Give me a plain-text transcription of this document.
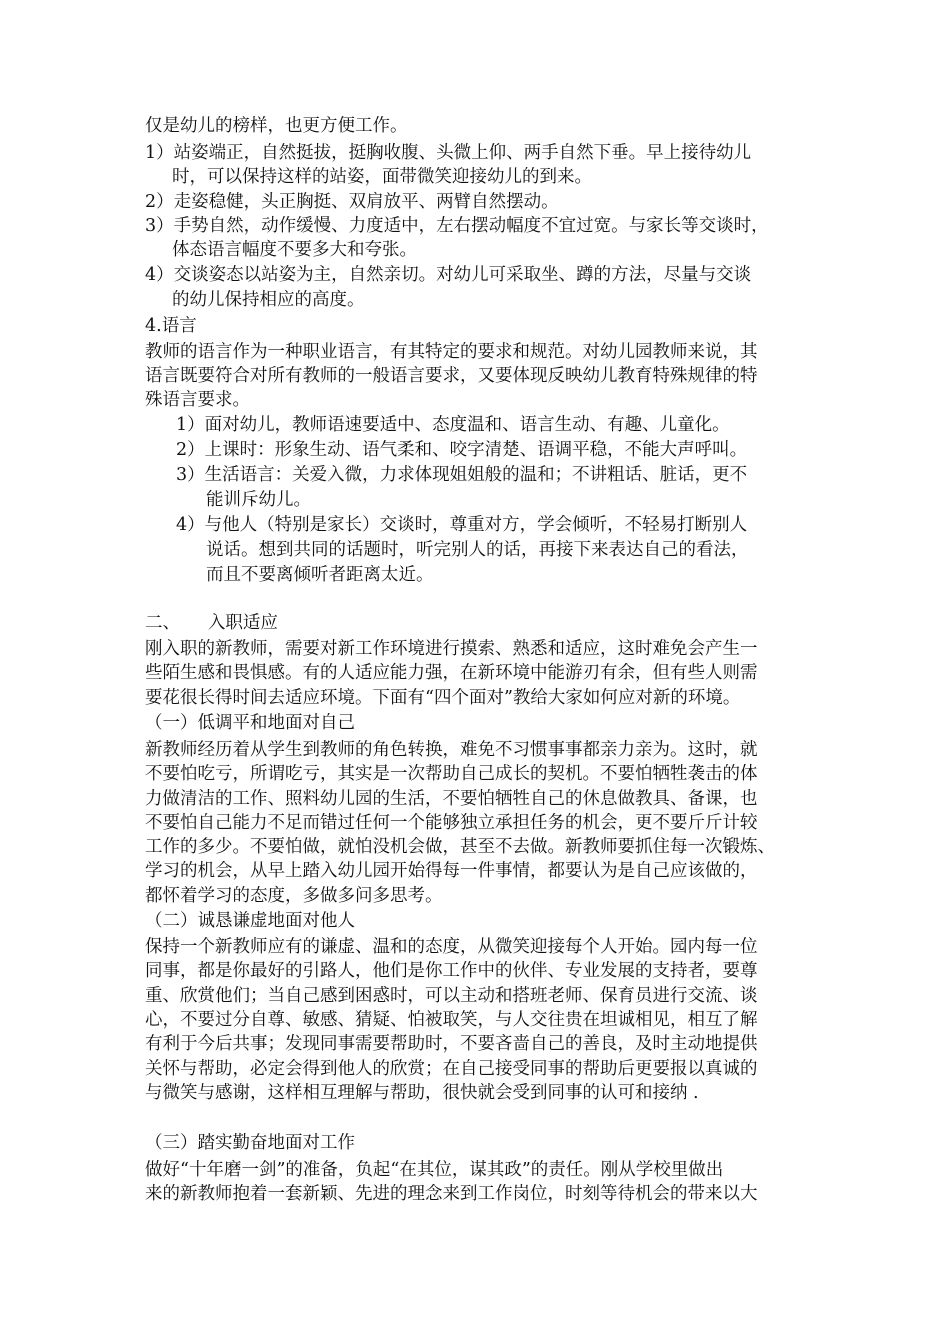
仅是幼儿的榜样，也更方便工作。
1）站姿端正，自然挺拔，挺胸收腹、头微上仰、两手自然下垂。早上接待幼儿
时，可以保持这样的站姿，面带微笑迎接幼儿的到来。
2）走姿稳健，头正胸挺、双肩放平、两臂自然摆动。
3）手势自然，动作缓慢、力度适中，左右摆动幅度不宜过宽。与家长等交谈时，
体态语言幅度不要多大和夸张。
4）交谈姿态以站姿为主，自然亲切。对幼儿可采取坐、蹲的方法，尽量与交谈
的幼儿保持相应的高度。
4.语言
教师的语言作为一种职业语言，有其特定的要求和规范。对幼儿园教师来说，其
语言既要符合对所有教师的一般语言要求，又要体现反映幼儿教育特殊规律的特
殊语言要求。
1）面对幼儿，教师语速要适中、态度温和、语言生动、有趣、儿童化。
2）上课时：形象生动、语气柔和、咬字清楚、语调平稳，不能大声呼叫。
3）生活语言：关爱入微，力求体现姐姐般的温和；不讲粗话、脏话，更不
能训斥幼儿。
4）与他人（特别是家长）交谈时，尊重对方，学会倾听，不轻易打断别人
说话。想到共同的话题时，听完别人的话，再接下来表达自己的看法，
而且不要离倾听者距离太近。
二、     入职适应
刚入职的新教师，需要对新工作环境进行摸索、熟悉和适应，这时难免会产生一
些陌生感和畏惧感。有的人适应能力强，在新环境中能游刃有余，但有些人则需
要花很长得时间去适应环境。下面有“四个面对”教给大家如何应对新的环境。
（一）低调平和地面对自己
新教师经历着从学生到教师的角色转换，难免不习惯事事都亲力亲为。这时，就
不要怕吃亏，所谓吃亏，其实是一次帮助自己成长的契机。不要怕牺牲袭击的体
力做清洁的工作、照料幼儿园的生活，不要怕牺牲自己的休息做教具、备课，也
不要怕自己能力不足而错过任何一个能够独立承担任务的机会，更不要斤斤计较
工作的多少。不要怕做，就怕没机会做，甚至不去做。新教师要抓住每一次锻炼、
学习的机会，从早上踏入幼儿园开始得每一件事情，都要认为是自己应该做的，
都怀着学习的态度，多做多问多思考。
（二）诚恳谦虚地面对他人
保持一个新教师应有的谦虚、温和的态度，从微笑迎接每个人开始。园内每一位
同事，都是你最好的引路人，他们是你工作中的伙伴、专业发展的支持者，要尊
重、欣赏他们；当自己感到困惑时，可以主动和搭班老师、保育员进行交流、谈
心，不要过分自尊、敏感、猜疑、怕被取笑，与人交往贵在坦诚相见，相互了解
有利于今后共事；发现同事需要帮助时，不要吝啬自己的善良，及时主动地提供
关怀与帮助，必定会得到他人的欣赏；在自己接受同事的帮助后更要报以真诚的
与微笑与感谢，这样相互理解与帮助，很快就会受到同事的认可和接纳 .
（三）踏实勤奋地面对工作
做好“十年磨一剑”的准备，负起“在其位，谋其政”的责任。刚从学校里做出
来的新教师抱着一套新颖、先进的理念来到工作岗位，时刻等待机会的带来以大
